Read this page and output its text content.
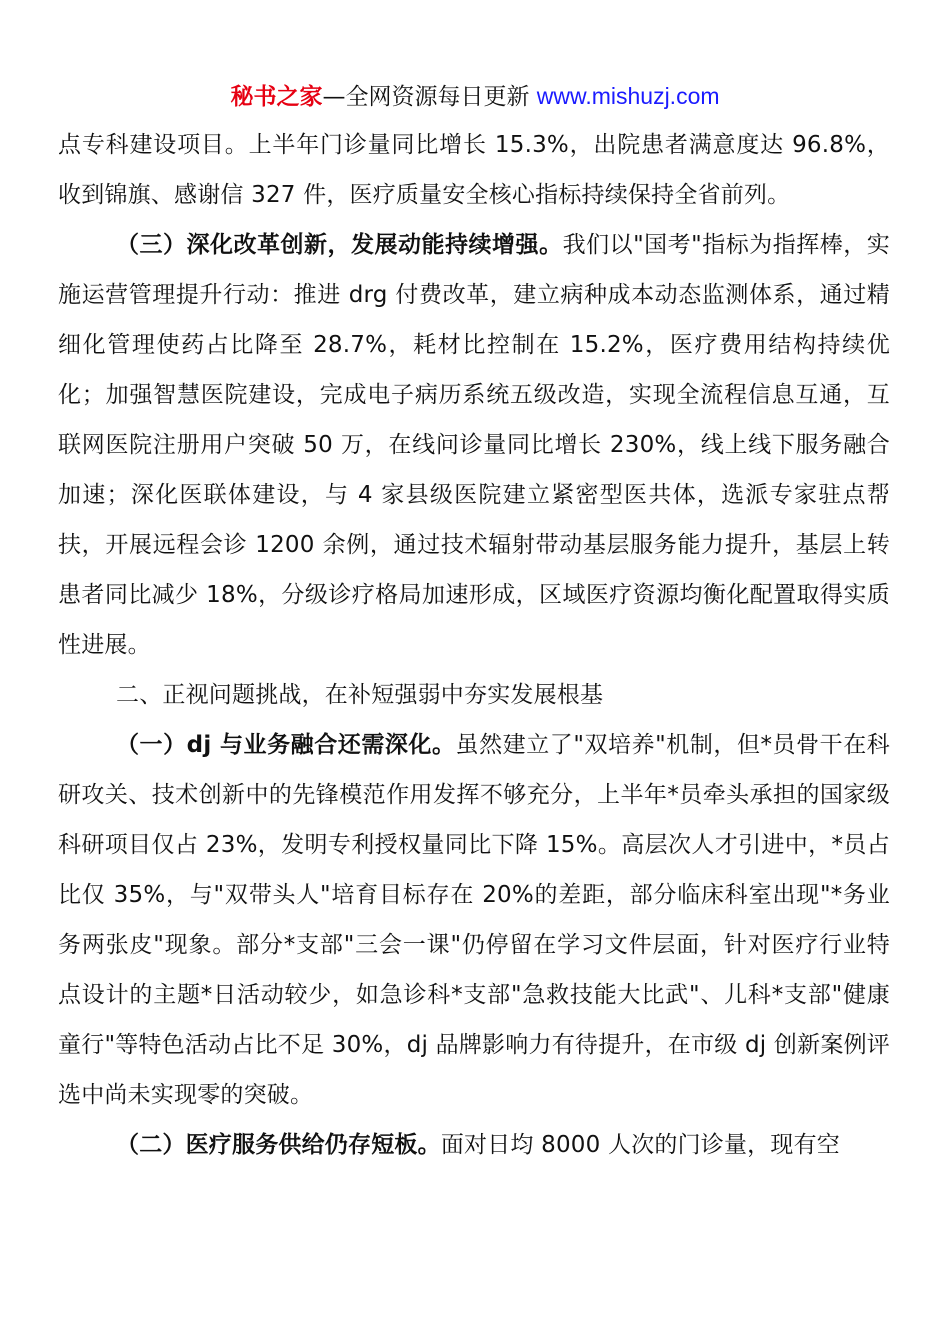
秘书之家—全网资源每日更新 www.mishuzj.com

点专科建设项目。上半年门诊量同比增长 15.3%，出院患者满意度达 96.8%，收到锦旗、感谢信 327 件，医疗质量安全核心指标持续保持全省前列。

（三）深化改革创新，发展动能持续增强。我们以"国考"指标为指挥棒，实施运营管理提升行动：推进 drg 付费改革，建立病种成本动态监测体系，通过精细化管理使药占比降至 28.7%，耗材比控制在 15.2%，医疗费用结构持续优化；加强智慧医院建设，完成电子病历系统五级改造，实现全流程信息互通，互联网医院注册用户突破 50 万，在线问诊量同比增长 230%，线上线下服务融合加速；深化医联体建设，与 4 家县级医院建立紧密型医共体，选派专家驻点帮扶，开展远程会诊 1200 余例，通过技术辐射带动基层服务能力提升，基层上转患者同比减少 18%，分级诊疗格局加速形成，区域医疗资源均衡化配置取得实质性进展。

二、正视问题挑战，在补短强弱中夯实发展根基

（一）dj 与业务融合还需深化。虽然建立了"双培养"机制，但*员骨干在科研攻关、技术创新中的先锋模范作用发挥不够充分，上半年*员牵头承担的国家级科研项目仅占 23%，发明专利授权量同比下降 15%。高层次人才引进中，*员占比仅 35%，与"双带头人"培育目标存在 20%的差距，部分临床科室出现"*务业务两张皮"现象。部分*支部"三会一课"仍停留在学习文件层面，针对医疗行业特点设计的主题*日活动较少，如急诊科*支部"急救技能大比武"、儿科*支部"健康童行"等特色活动占比不足 30%，dj 品牌影响力有待提升，在市级 dj 创新案例评选中尚未实现零的突破。

（二）医疗服务供给仍存短板。面对日均 8000 人次的门诊量，现有空
